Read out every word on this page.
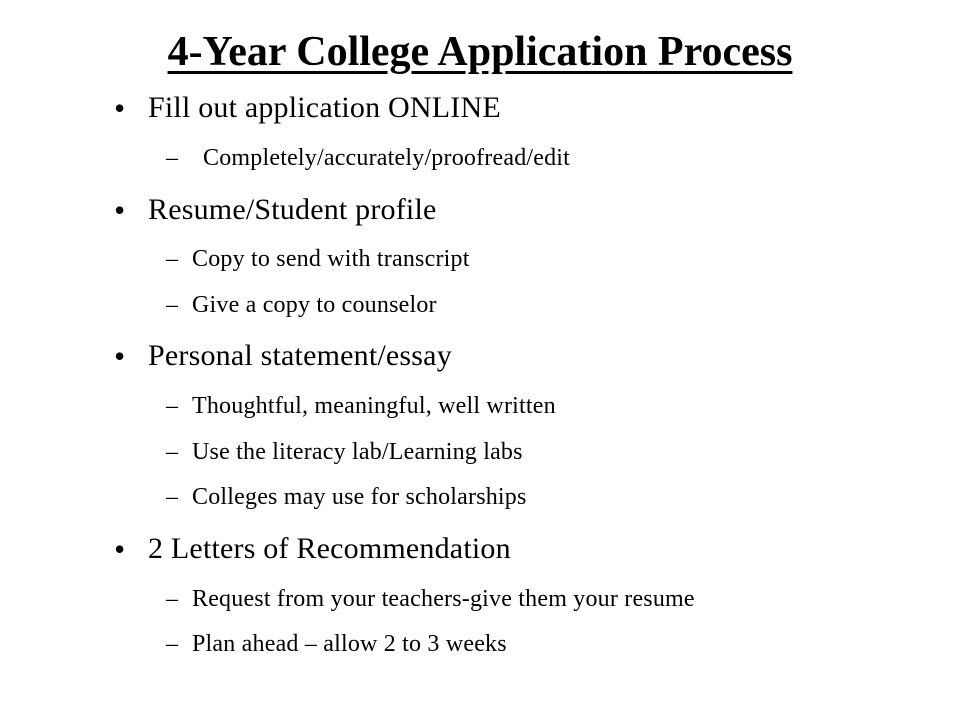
4-Year College Application Process
• Fill out application ONLINE
– Completely/accurately/proofread/edit
• Resume/Student profile
– Copy to send with transcript
– Give a copy to counselor
• Personal statement/essay
– Thoughtful, meaningful, well written
– Use the literacy lab/Learning labs
– Colleges may use for scholarships
• 2 Letters of Recommendation
– Request from your teachers-give them your resume
– Plan ahead – allow 2 to 3 weeks
